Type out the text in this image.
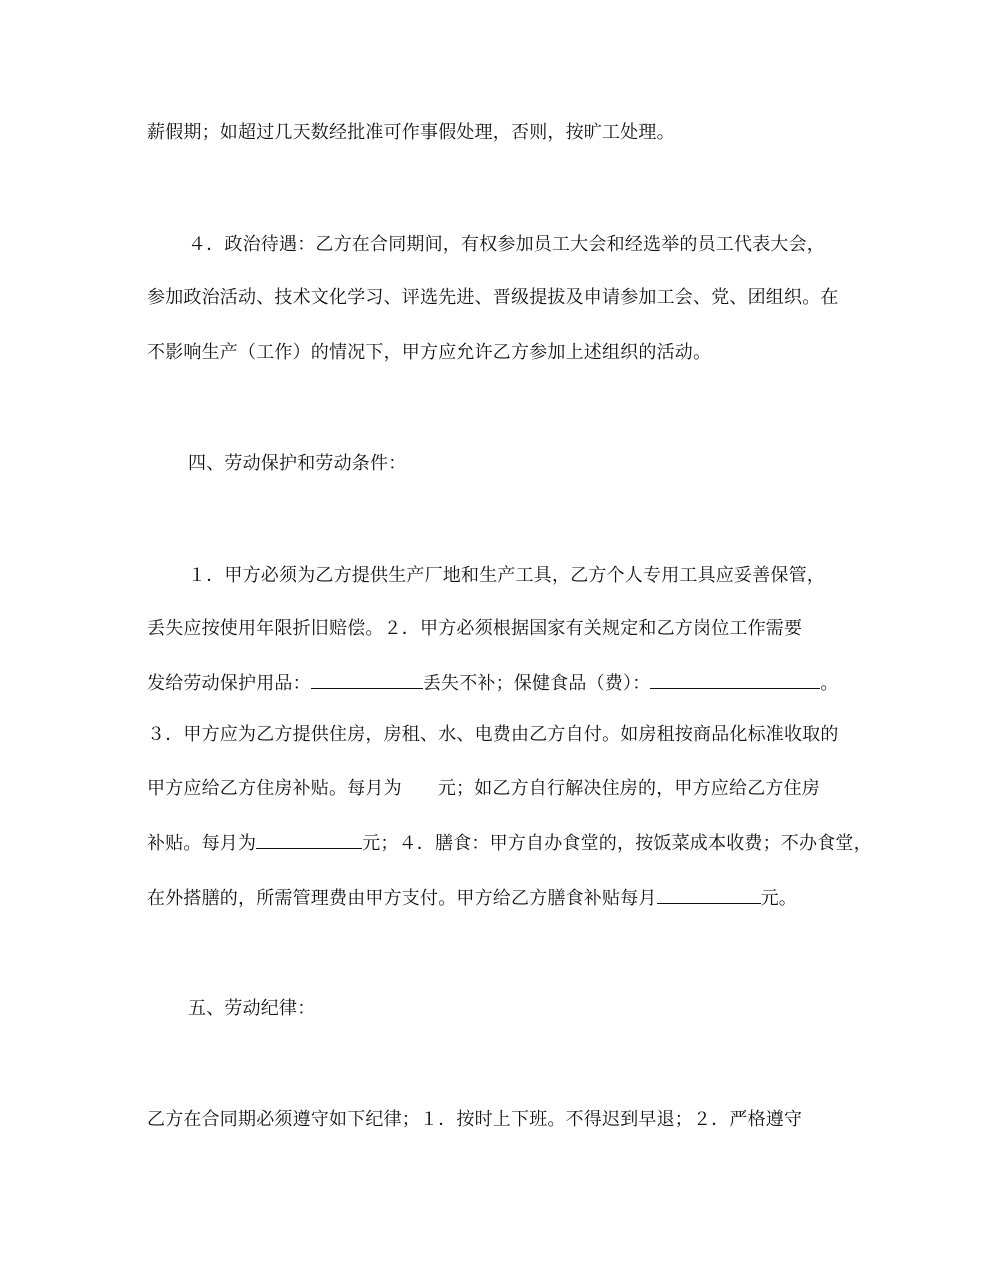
薪假期；如超过几天数经批准可作事假处理，否则，按旷工处理。
４．政治待遇：乙方在合同期间，有权参加员工大会和经选举的员工代表大会，
参加政治活动、技术文化学习、评选先进、晋级提拔及申请参加工会、党、团组织。在
不影响生产（工作）的情况下，甲方应允许乙方参加上述组织的活动。
四、劳动保护和劳动条件：
１．甲方必须为乙方提供生产厂地和生产工具，乙方个人专用工具应妥善保管，
丢失应按使用年限折旧赔偿。２．甲方必须根据国家有关规定和乙方岗位工作需要
发给劳动保护用品：	丢失不补；保健食品（费）：	。
３．甲方应为乙方提供住房，房租、水、电费由乙方自付。如房租按商品化标准收取的
甲方应给乙方住房补贴。每月为 元；如乙方自行解决住房的，甲方应给乙方住房
补贴。每月为	元；４．膳食：甲方自办食堂的，按饭菜成本收费；不办食堂，
在外搭膳的，所需管理费由甲方支付。甲方给乙方膳食补贴每月	元。
五、劳动纪律：
乙方在合同期必须遵守如下纪律；１．按时上下班。不得迟到早退；２．严格遵守
